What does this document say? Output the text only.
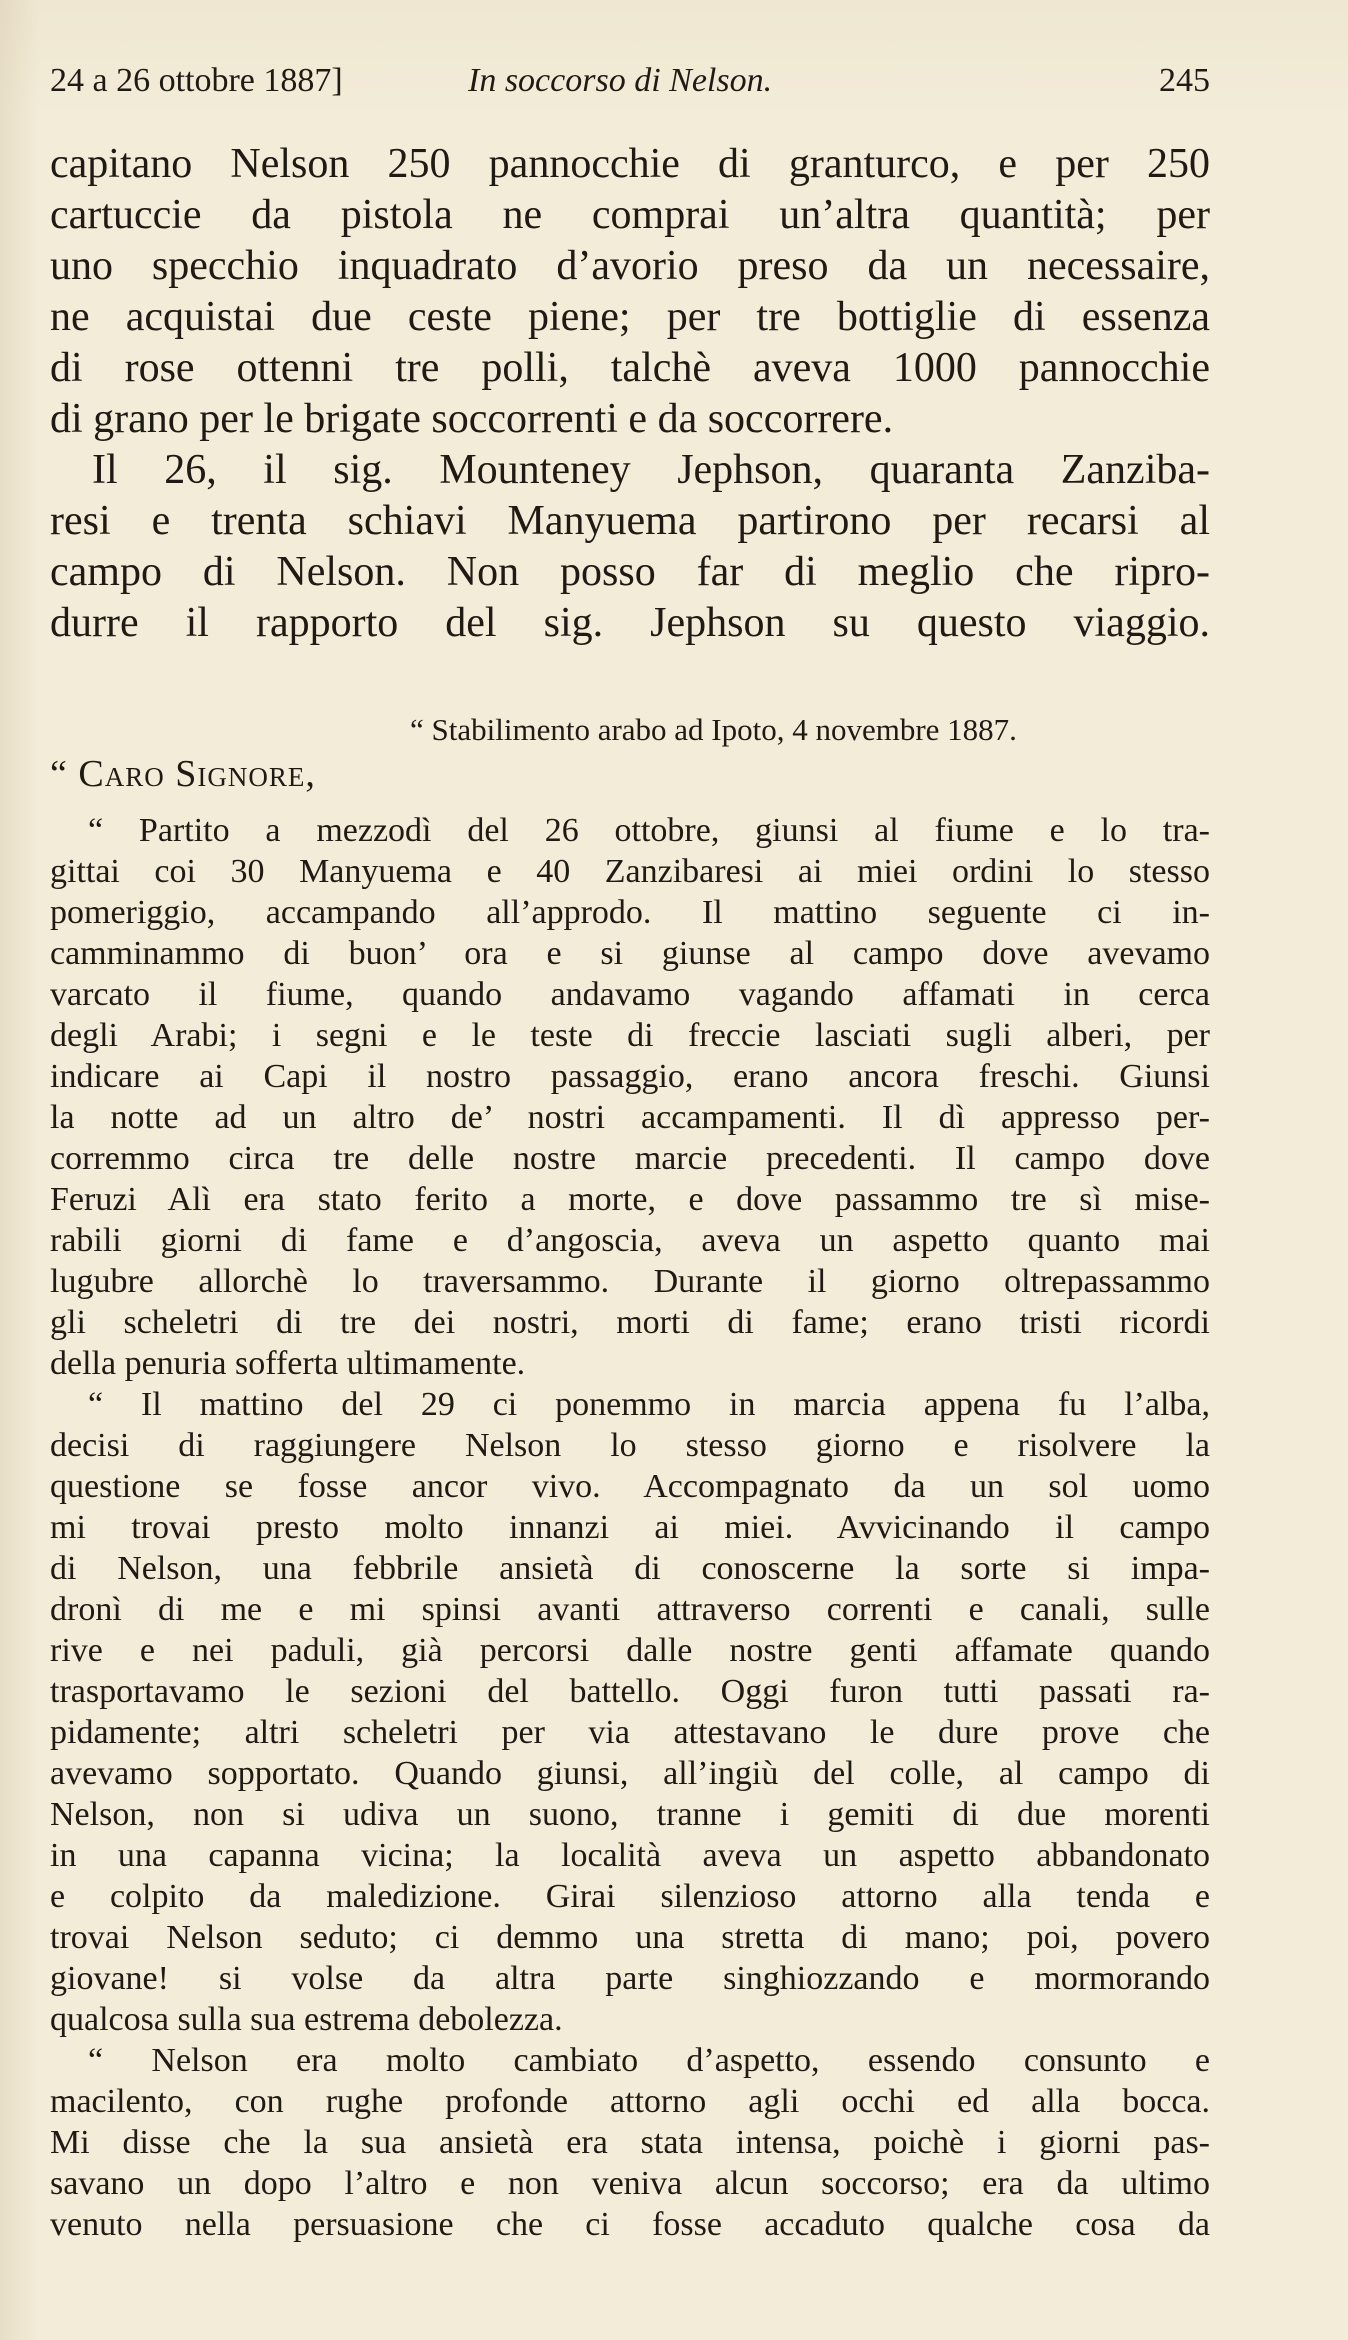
24 a 26 ottobre 1887]	In soccorso di Nelson.	245
capitano Nelson 250 pannocchie di granturco, e per 250
cartuccie da pistola ne comprai un’altra quantità; per
uno specchio inquadrato d’avorio preso da un necessaire,
ne acquistai due ceste piene; per tre bottiglie di essenza
di rose ottenni tre polli, talchè aveva 1000 pannocchie
di grano per le brigate soccorrenti e da soccorrere.
Il 26, il sig. Mounteney Jephson, quaranta Zanziba-
resi e trenta schiavi Manyuema partirono per recarsi al
campo di Nelson. Non posso far di meglio che ripro-
durre il rapporto del sig. Jephson su questo viaggio.
“ Stabilimento arabo ad Ipoto, 4 novembre 1887.
“ Caro Signore,
“ Partito a mezzodì del 26 ottobre, giunsi al fiume e lo tra-
gittai coi 30 Manyuema e 40 Zanzibaresi ai miei ordini lo stesso
pomeriggio, accampando all’approdo. Il mattino seguente ci in-
camminammo di buon’ ora e si giunse al campo dove avevamo
varcato il fiume, quando andavamo vagando affamati in cerca
degli Arabi; i segni e le teste di freccie lasciati sugli alberi, per
indicare ai Capi il nostro passaggio, erano ancora freschi. Giunsi
la notte ad un altro de’ nostri accampamenti. Il dì appresso per-
corremmo circa tre delle nostre marcie precedenti. Il campo dove
Feruzi Alì era stato ferito a morte, e dove passammo tre sì mise-
rabili giorni di fame e d’angoscia, aveva un aspetto quanto mai
lugubre allorchè lo traversammo. Durante il giorno oltrepassammo
gli scheletri di tre dei nostri, morti di fame; erano tristi ricordi
della penuria sofferta ultimamente.
“ Il mattino del 29 ci ponemmo in marcia appena fu l’alba,
decisi di raggiungere Nelson lo stesso giorno e risolvere la
questione se fosse ancor vivo. Accompagnato da un sol uomo
mi trovai presto molto innanzi ai miei. Avvicinando il campo
di Nelson, una febbrile ansietà di conoscerne la sorte si impa-
dronì di me e mi spinsi avanti attraverso correnti e canali, sulle
rive e nei paduli, già percorsi dalle nostre genti affamate quando
trasportavamo le sezioni del battello. Oggi furon tutti passati ra-
pidamente; altri scheletri per via attestavano le dure prove che
avevamo sopportato. Quando giunsi, all’ingiù del colle, al campo di
Nelson, non si udiva un suono, tranne i gemiti di due morenti
in una capanna vicina; la località aveva un aspetto abbandonato
e colpito da maledizione. Girai silenzioso attorno alla tenda e
trovai Nelson seduto; ci demmo una stretta di mano; poi, povero
giovane! si volse da altra parte singhiozzando e mormorando
qualcosa sulla sua estrema debolezza.
“ Nelson era molto cambiato d’aspetto, essendo consunto e
macilento, con rughe profonde attorno agli occhi ed alla bocca.
Mi disse che la sua ansietà era stata intensa, poichè i giorni pas-
savano un dopo l’altro e non veniva alcun soccorso; era da ultimo
venuto nella persuasione che ci fosse accaduto qualche cosa da
